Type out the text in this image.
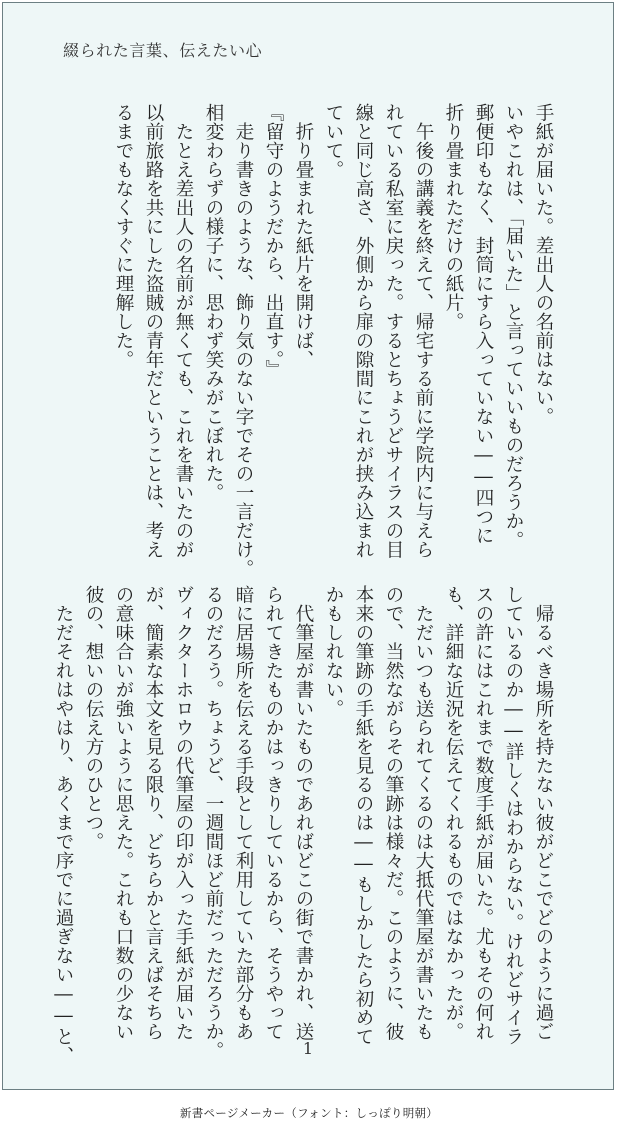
綴られた言葉、伝えたい心
手紙が届いた。差出人の名前はない。
いやこれは、「届いた」と言っていいものだろうか。
郵便印もなく、封筒にすら入っていない――四つに
折り畳まれただけの紙片。
午後の講義を終えて、帰宅する前に学院内に与えら
れている私室に戻った。するとちょうどサイラスの目
線と同じ高さ、外側から扉の隙間にこれが挟み込まれ
ていて。
折り畳まれた紙片を開けば、
『留守のようだから、出直す。』
走り書きのような、飾り気のない字でその一言だけ。
相変わらずの様子に、思わず笑みがこぼれた。
たとえ差出人の名前が無くても、これを書いたのが
以前旅路を共にした盗賊の青年だということは、考え
るまでもなくすぐに理解した。
帰るべき場所を持たない彼がどこでどのように過ご
しているのか――詳しくはわからない。けれどサイラ
スの許にはこれまで数度手紙が届いた。尤もその何れ
も、詳細な近況を伝えてくれるものではなかったが。
ただいつも送られてくるのは大抵代筆屋が書いたも
ので、当然ながらその筆跡は様々だ。このように、彼
本来の筆跡の手紙を見るのは――もしかしたら初めて
かもしれない。
代筆屋が書いたものであればどこの街で書かれ、送
られてきたものかはっきりしているから、そうやって
暗に居場所を伝える手段として利用していた部分もあ
るのだろう。ちょうど、一週間ほど前だっただろうか。
ヴィクターホロウの代筆屋の印が入った手紙が届いた
が、簡素な本文を見る限り、どちらかと言えばそちら
の意味合いが強いように思えた。これも口数の少ない
彼の、想いの伝え方のひとつ。
ただそれはやはり、あくまで序でに過ぎない――と、	1
新書ページメーカー（フォント：しっぽり明朝）
